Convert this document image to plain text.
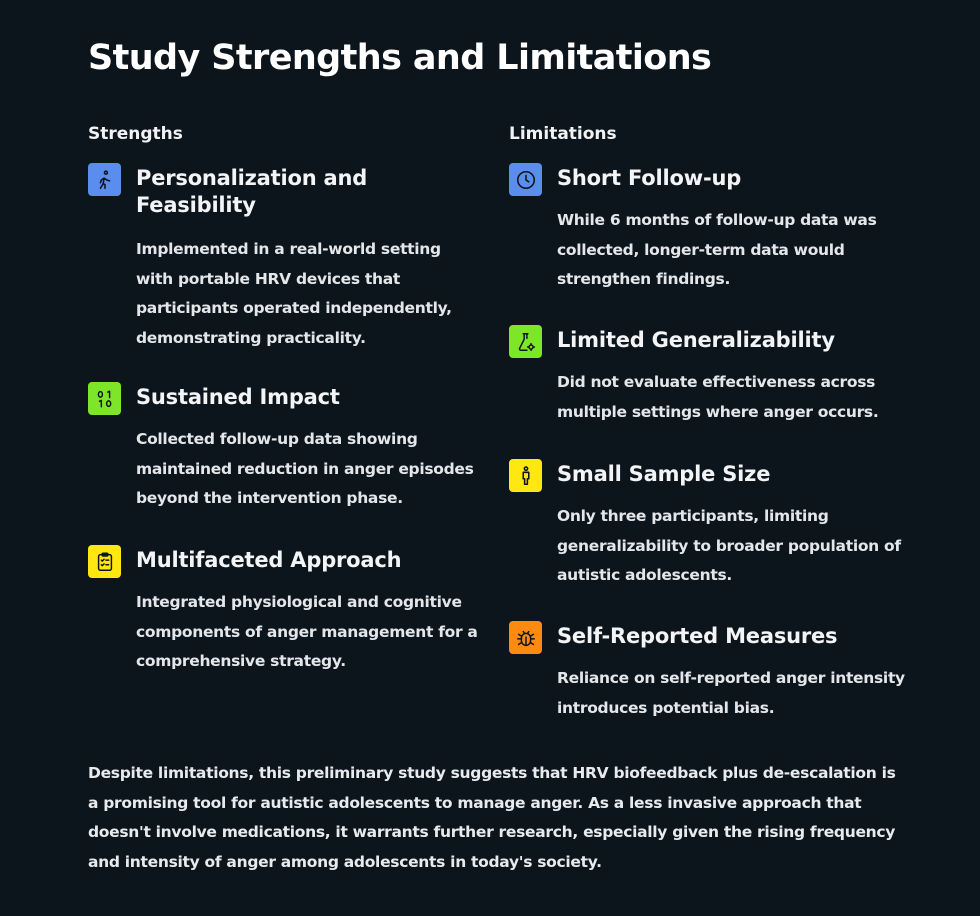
Study Strengths and Limitations
Strengths
Personalization and Feasibility

Implemented in a real-world setting with portable HRV devices that participants operated independently, demonstrating practicality.

Sustained Impact

Collected follow-up data showing maintained reduction in anger episodes beyond the intervention phase.

Multifaceted Approach

Integrated physiological and cognitive components of anger management for a comprehensive strategy.

Limitations
Short Follow-up

While 6 months of follow-up data was collected, longer-term data would strengthen findings.

Limited Generalizability

Did not evaluate effectiveness across multiple settings where anger occurs.

Small Sample Size

Only three participants, limiting generalizability to broader population of autistic adolescents.

Self-Reported Measures

Reliance on self-reported anger intensity introduces potential bias.

Despite limitations, this preliminary study suggests that HRV biofeedback plus de-escalation is a promising tool for autistic adolescents to manage anger. As a less invasive approach that doesn't involve medications, it warrants further research, especially given the rising frequency and intensity of anger among adolescents in today's society.
